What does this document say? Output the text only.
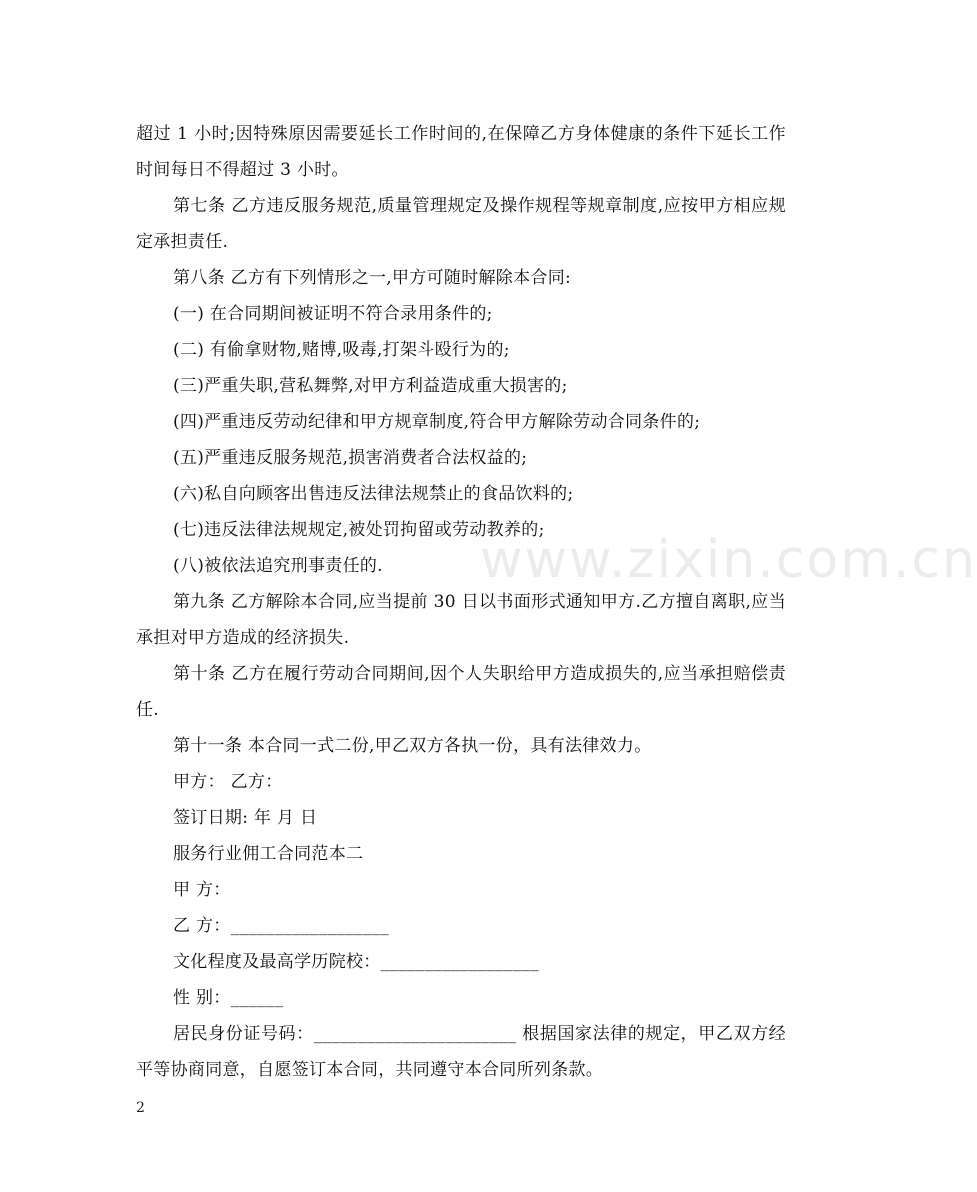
超过 1 小时;因特殊原因需要延长工作时间的,在保障乙方身体健康的条件下延长工作时间每日不得超过 3 小时。

第七条 乙方违反服务规范,质量管理规定及操作规程等规章制度,应按甲方相应规定承担责任.

第八条 乙方有下列情形之一,甲方可随时解除本合同:

(一) 在合同期间被证明不符合录用条件的;

(二) 有偷拿财物,赌博,吸毒,打架斗殴行为的;

(三)严重失职,营私舞弊,对甲方利益造成重大损害的;

(四)严重违反劳动纪律和甲方规章制度,符合甲方解除劳动合同条件的;

(五)严重违反服务规范,损害消费者合法权益的;

(六)私自向顾客出售违反法律法规禁止的食品饮料的;

(七)违反法律法规规定,被处罚拘留或劳动教养的;

(八)被依法追究刑事责任的.

第九条 乙方解除本合同,应当提前 30 日以书面形式通知甲方.乙方擅自离职,应当承担对甲方造成的经济损失.

第十条 乙方在履行劳动合同期间,因个人失职给甲方造成损失的,应当承担赔偿责任.

第十一条 本合同一式二份,甲乙双方各执一份，具有法律效力。

甲方： 乙方：

签订日期: 年 月 日

服务行业佣工合同范本二

甲 方：

乙 方：__________________

文化程度及最高学历院校：__________________

性 别：______

居民身份证号码：_______________________ 根据国家法律的规定，甲乙双方经平等协商同意，自愿签订本合同，共同遵守本合同所列条款。

www.zixin.com.cn
2
